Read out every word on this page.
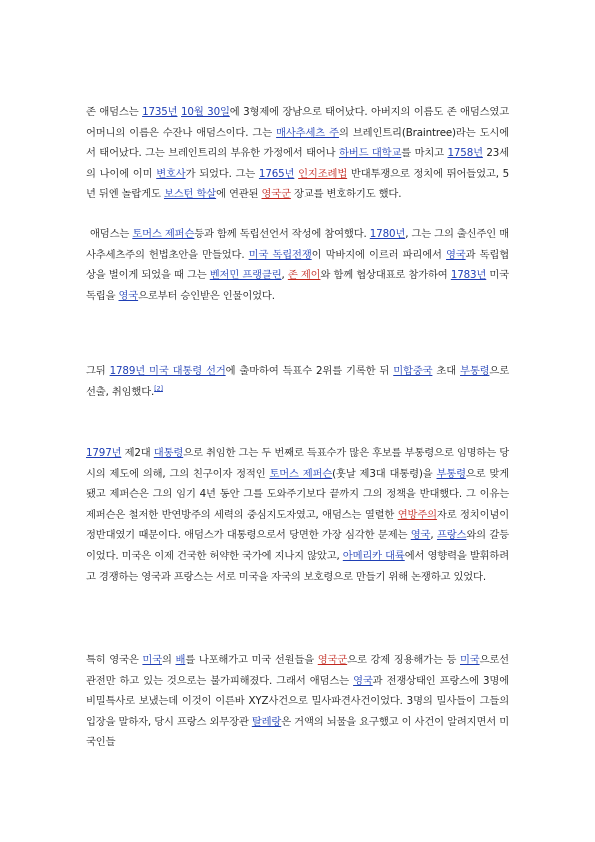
존 애덤스는 1735년 10월 30일에 3형제에 장남으로 태어났다. 아버지의 이름도 존 애덤스였고 어머니의 이름은 수잔나 애덤스이다. 그는 매사추세츠 주의 브레인트리(Braintree)라는 도시에서 태어났다. 그는 브레인트리의 부유한 가정에서 태어나 하버드 대학교를 마치고 1758년 23세의 나이에 이미 변호사가 되었다. 그는 1765년 인지조례법 반대투쟁으로 정치에 뛰어들었고, 5년 뒤엔 놀랍게도 보스턴 학살에 연관된 영국군 장교를 변호하기도 했다.

애덤스는 토머스 제퍼슨등과 함께 독립선언서 작성에 참여했다. 1780년, 그는 그의 출신주인 매사추세츠주의 헌법초안을 만들었다. 미국 독립전쟁이 막바지에 이르러 파리에서 영국과 독립협상을 벌이게 되었을 때 그는 벤저민 프랭클린, 존 제이와 함께 협상대표로 참가하여 1783년 미국 독립을 영국으로부터 승인받은 인물이었다.

그뒤 1789년 미국 대통령 선거에 출마하여 득표수 2위를 기록한 뒤 미합중국 초대 부통령으로 선출, 취임했다.[2]

1797년 제2대 대통령으로 취임한 그는 두 번째로 득표수가 많은 후보를 부통령으로 임명하는 당시의 제도에 의해, 그의 친구이자 정적인 토머스 제퍼슨(훗날 제3대 대통령)을 부통령으로 맞게 됐고 제퍼슨은 그의 임기 4년 동안 그를 도와주기보다 끝까지 그의 정책을 반대했다. 그 이유는 제퍼슨은 철저한 반연방주의 세력의 중심지도자였고, 애덤스는 열렬한 연방주의자로 정치이념이 정반대였기 때문이다. 애덤스가 대통령으로서 당면한 가장 심각한 문제는 영국, 프랑스와의 갈등이었다. 미국은 이제 건국한 허약한 국가에 지나지 않았고, 아메리카 대륙에서 영향력을 발휘하려고 경쟁하는 영국과 프랑스는 서로 미국을 자국의 보호령으로 만들기 위해 논쟁하고 있었다.

특히 영국은 미국의 배를 나포해가고 미국 선원들을 영국군으로 강제 징용해가는 등 미국으로선 관전만 하고 있는 것으로는 불가피해졌다. 그래서 애덤스는 영국과 전쟁상태인 프랑스에 3명에 비밀특사로 보냈는데 이것이 이른바 XYZ사건으로 밀사파견사건이었다. 3명의 밀사들이 그들의 입장을 말하자, 당시 프랑스 외무장관 탈레랑은 거액의 뇌물을 요구했고 이 사건이 알려지면서 미국인들
